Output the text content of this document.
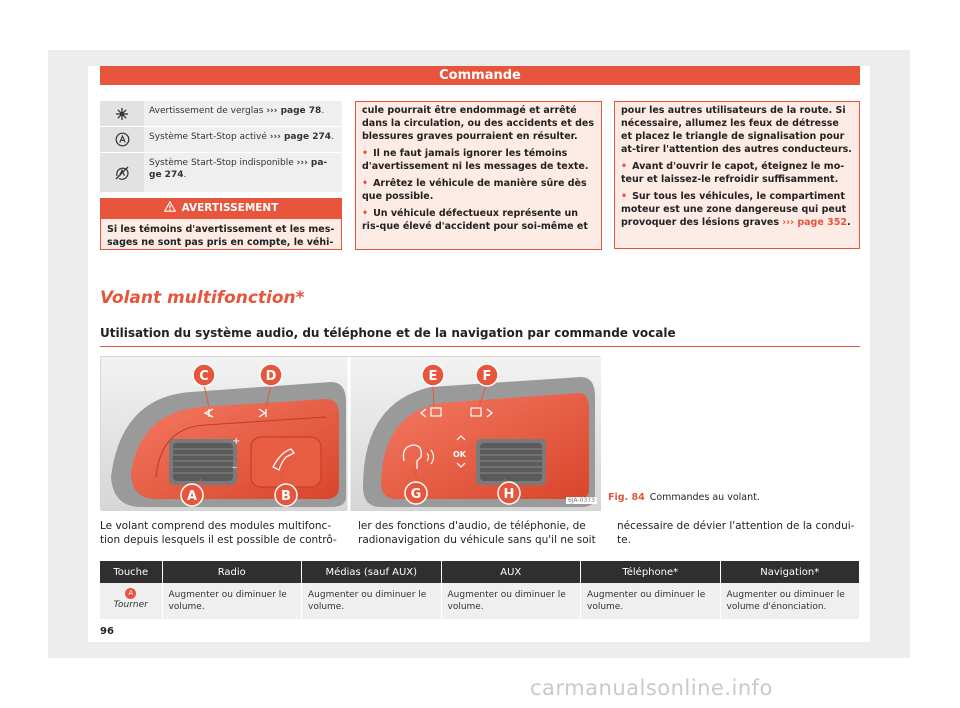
Commande
Avertissement de verglas ››› page 78.
Système Start-Stop activé ››› page 274.
Système Start-Stop indisponible ››› pa-ge 274.
AVERTISSEMENT

Si les témoins d'avertissement et les mes-sages ne sont pas pris en compte, le véhi-

cule pourrait être endommagé et arrêté dans la circulation, ou des accidents et des blessures graves pourraient en résulter.

• Il ne faut jamais ignorer les témoins d'avertissement ni les messages de texte.

• Arrêtez le véhicule de manière sûre dès que possible.

• Un véhicule défectueux représente un ris-que élevé d'accident pour soi-même et

pour les autres utilisateurs de la route. Si nécessaire, allumez les feux de détresse et placez le triangle de signalisation pour at-tirer l'attention des autres conducteurs.

• Avant d'ouvrir le capot, éteignez le mo-teur et laissez-le refroidir suffisamment.

• Sur tous les véhicules, le compartiment moteur est une zone dangereuse qui peut provoquer des lésions graves ››› page 352.

Volant multifonction*
Utilisation du système audio, du téléphone et de la navigation par commande vocale
+
–
OK
C	D
A	B
E	F
G	H	6JA-0373 Fig. 84 Commandes au volant.
Le volant comprend des modules multifonc-tion depuis lesquels il est possible de contrô-
ler des fonctions d'audio, de téléphonie, de radionavigation du véhicule sans qu'il ne soit
nécessaire de dévier l'attention de la condui-te.
Touche	Radio	Médias (sauf AUX)	AUX	Téléphone*	Navigation*
A
Tourner	Augmenter ou diminuer le volume.	Augmenter ou diminuer le volume.	Augmenter ou diminuer le volume.	Augmenter ou diminuer le volume.	Augmenter ou diminuer le volume d'énonciation.
96
carmanualsonline.info
